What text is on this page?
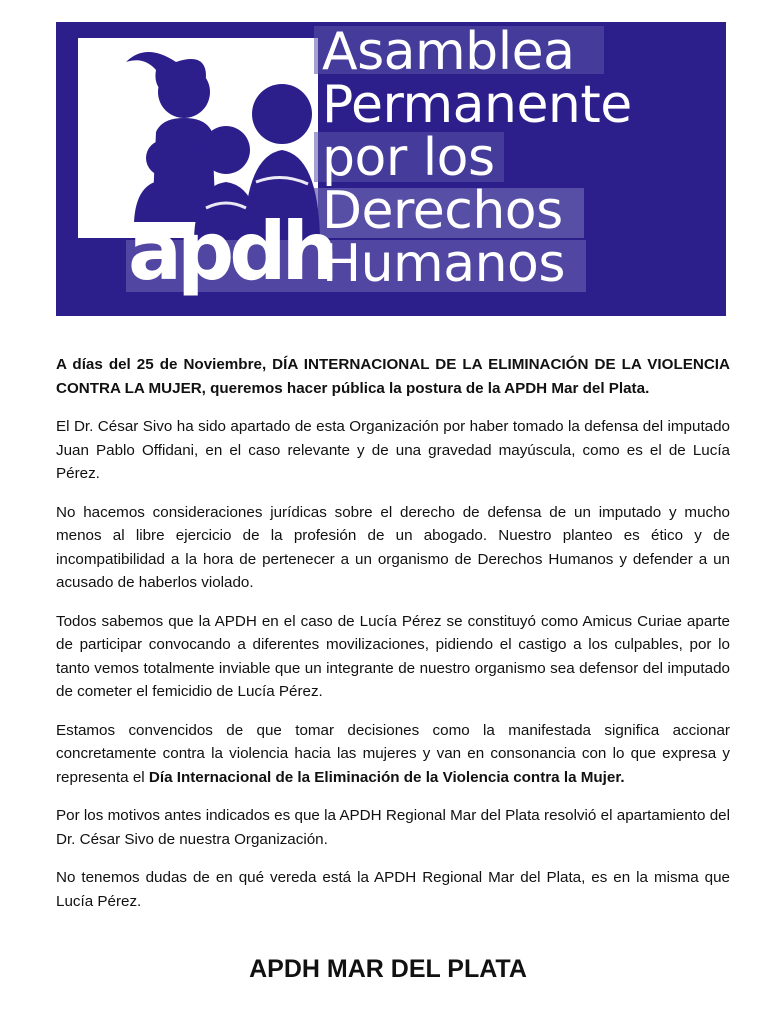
Asamblea
Permanente
por los
Derechos
Humanos
apdh

A días del 25 de Noviembre, DÍA INTERNACIONAL DE LA ELIMINACIÓN DE LA VIOLENCIA CONTRA LA MUJER, queremos hacer pública la postura de la APDH Mar del Plata.

El Dr. César Sivo ha sido apartado de esta Organización por haber tomado la defensa del imputado Juan Pablo Offidani, en el caso relevante y de una gravedad mayúscula, como es el de Lucía Pérez.

No hacemos consideraciones jurídicas sobre el derecho de defensa de un imputado y mucho menos al libre ejercicio de la profesión de un abogado. Nuestro planteo es ético y de incompatibilidad a la hora de pertenecer a un organismo de Derechos Humanos y defender a un acusado de haberlos violado.

Todos sabemos que la APDH en el caso de Lucía Pérez se constituyó como Amicus Curiae aparte de participar convocando a diferentes movilizaciones, pidiendo el castigo a los culpables, por lo tanto vemos totalmente inviable que un integrante de nuestro organismo sea defensor del imputado de cometer el femicidio de Lucía Pérez.

Estamos convencidos de que tomar decisiones como la manifestada significa accionar concretamente contra la violencia hacia las mujeres y van en consonancia con lo que expresa y representa el Día Internacional de la Eliminación de la Violencia contra la Mujer.

Por los motivos antes indicados es que la APDH Regional Mar del Plata resolvió el apartamiento del Dr. César Sivo de nuestra Organización.

No tenemos dudas de en qué vereda está la APDH Regional Mar del Plata, es en la misma que Lucía Pérez.

APDH MAR DEL PLATA
